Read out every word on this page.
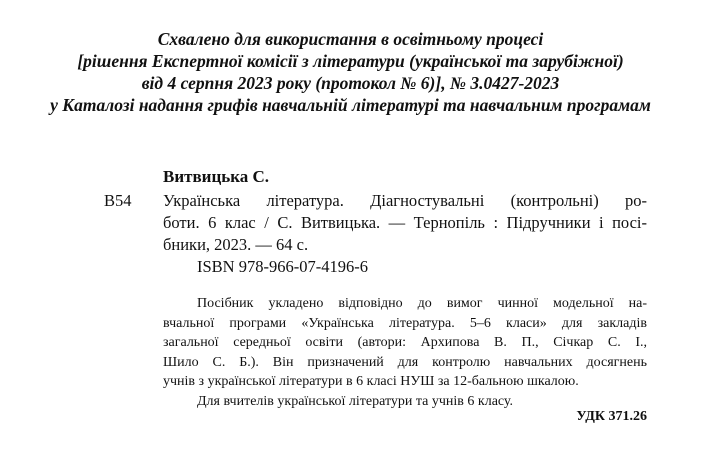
Схвалено для використання в освітньому процесі
[рішення Експертної комісії з літератури (української та зарубіжної)
від 4 серпня 2023 року (протокол № 6)], № 3.0427-2023
у Каталозі надання грифів навчальній літературі та навчальним програмам
Витвицька С.
В54 Українська література. Діагностувальні (контрольні) ро-
боти. 6 клас / С. Витвицька. — Тернопіль : Підручники і посі-
бники, 2023. — 64 с.
ISBN 978-966-07-4196-6
Посібник укладено відповідно до вимог чинної модельної на-
вчальної програми «Українська література. 5–6 класи» для закладів
загальної середньої освіти (автори: Архипова В. П., Січкар С. І.,
Шило С. Б.). Він призначений для контролю навчальних досягнень
учнів з української літератури в 6 класі НУШ за 12-бальною шкалою.
Для вчителів української літератури та учнів 6 класу.
УДК 371.26
